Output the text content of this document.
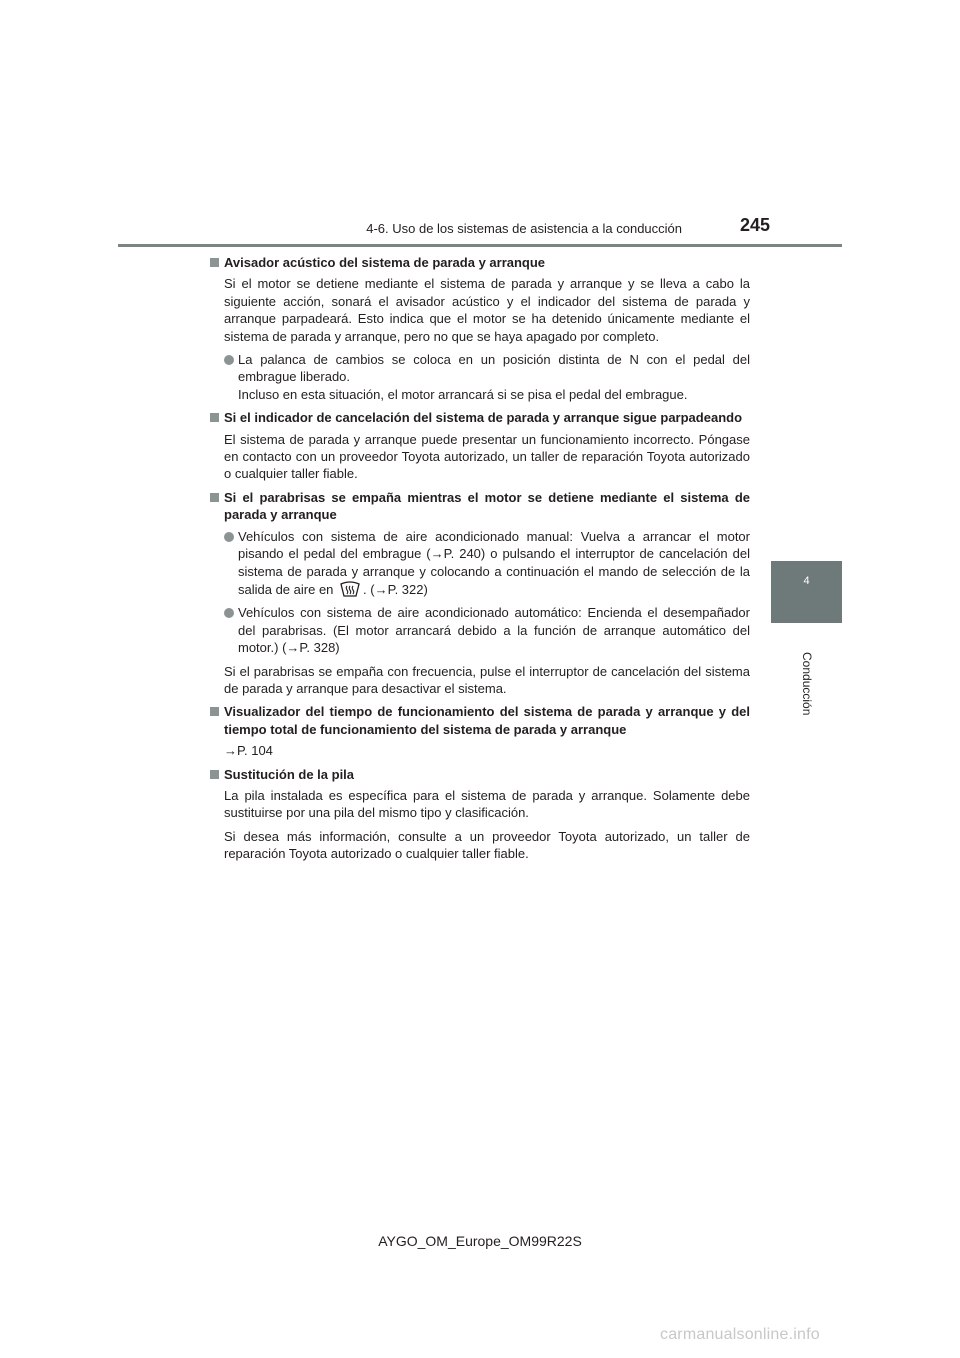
4-6. Uso de los sistemas de asistencia a la conducción	245
4
Conducción
Avisador acústico del sistema de parada y arranque
Si el motor se detiene mediante el sistema de parada y arranque y se lleva a cabo la siguiente acción, sonará el avisador acústico y el indicador del sistema de parada y arranque parpadeará. Esto indica que el motor se ha detenido únicamente mediante el sistema de parada y arranque, pero no que se haya apagado por completo.
La palanca de cambios se coloca en un posición distinta de N con el pedal del embrague liberado.
Incluso en esta situación, el motor arrancará si se pisa el pedal del embrague.
Si el indicador de cancelación del sistema de parada y arranque sigue parpadeando
El sistema de parada y arranque puede presentar un funcionamiento incorrecto. Póngase en contacto con un proveedor Toyota autorizado, un taller de reparación Toyota autorizado o cualquier taller fiable.
Si el parabrisas se empaña mientras el motor se detiene mediante el sistema de parada y arranque
Vehículos con sistema de aire acondicionado manual: Vuelva a arrancar el motor pisando el pedal del embrague (→P. 240) o pulsando el interruptor de cancelación del sistema de parada y arranque y colocando a continuación el mando de selección de la salida de aire en . (→P. 322)
Vehículos con sistema de aire acondicionado automático: Encienda el desempañador del parabrisas. (El motor arrancará debido a la función de arranque automático del motor.) (→P. 328)
Si el parabrisas se empaña con frecuencia, pulse el interruptor de cancelación del sistema de parada y arranque para desactivar el sistema.
Visualizador del tiempo de funcionamiento del sistema de parada y arranque y del tiempo total de funcionamiento del sistema de parada y arranque
→P. 104
Sustitución de la pila
La pila instalada es específica para el sistema de parada y arranque. Solamente debe sustituirse por una pila del mismo tipo y clasificación.
Si desea más información, consulte a un proveedor Toyota autorizado, un taller de reparación Toyota autorizado o cualquier taller fiable.
AYGO_OM_Europe_OM99R22S
carmanualsonline.info
